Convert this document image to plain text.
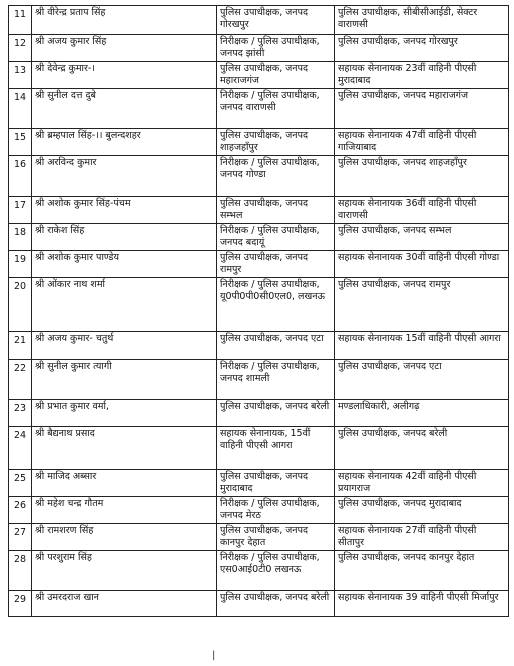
11	श्री वीरेन्द्र प्रताप सिंह	पुलिस उपाधीक्षक, जनपद गोरखपुर	पुलिस उपाधीक्षक, सीबीसीआईडी, सेक्टर वाराणसी
12	श्री अजय कुमार सिंह	निरीक्षक / पुलिस उपाधीक्षक, जनपद झांसी	पुलिस उपाधीक्षक, जनपद गोरखपुर
13	श्री देवेन्द्र कुमार-।	पुलिस उपाधीक्षक, जनपद महाराजगंज	सहायक सेनानायक 23वीं वाहिनी पीएसी मुरादाबाद
14	श्री सुनील दत्त दुबे	निरीक्षक / पुलिस उपाधीक्षक, जनपद वाराणसी	पुलिस उपाधीक्षक, जनपद महाराजगंज
15	श्री ब्रम्हपाल सिंह-।। बुलन्दशहर	पुलिस उपाधीक्षक, जनपद शाहजहाँपुर	सहायक सेनानायक 47वीं वाहिनी पीएसी गाजियाबाद
16	श्री अरविन्द कुमार	निरीक्षक / पुलिस उपाधीक्षक, जनपद गोण्डा	पुलिस उपाधीक्षक, जनपद शाहजहाँपुर
17	श्री अशोक कुमार सिंह-पंचम	पुलिस उपाधीक्षक, जनपद सम्भल	सहायक सेनानायक 36वीं वाहिनी पीएसी वाराणसी
18	श्री राकेश सिंह	निरीक्षक / पुलिस उपाधीक्षक, जनपद बदायूं	पुलिस उपाधीक्षक, जनपद सम्भल
19	श्री अशोक कुमार पाण्डेय	पुलिस उपाधीक्षक, जनपद रामपुर	सहायक सेनानायक 30वीं वाहिनी पीएसी गोण्डा
20	श्री ओंकार नाथ शर्मा	निरीक्षक / पुलिस उपाधीक्षक, यू0पी0पी0सी0एल0, लखनऊ	पुलिस उपाधीक्षक, जनपद रामपुर
21	श्री अजय कुमार- चतुर्थ	पुलिस उपाधीक्षक, जनपद एटा	सहायक सेनानायक 15वीं वाहिनी पीएसी आगरा
22	श्री सुनील कुमार त्यागी	निरीक्षक / पुलिस उपाधीक्षक, जनपद शामली	पुलिस उपाधीक्षक, जनपद एटा
23	श्री प्रभात कुमार वर्मा,	पुलिस उपाधीक्षक, जनपद बरेली	मण्डलाधिकारी, अलीगढ़
24	श्री बैद्यनाथ प्रसाद	सहायक सेनानायक, 15वीं वाहिनी पीएसी आगरा	पुलिस उपाधीक्षक, जनपद बरेली
25	श्री माजिद अब्सार	पुलिस उपाधीक्षक, जनपद मुरादाबाद	सहायक सेनानायक 42वीं वाहिनी पीएसी प्रयागराज
26	श्री महेश चन्द्र गौतम	निरीक्षक / पुलिस उपाधीक्षक, जनपद मेरठ	पुलिस उपाधीक्षक, जनपद मुरादाबाद
27	श्री रामशरण सिंह	पुलिस उपाधीक्षक, जनपद कानपुर देहात	सहायक सेनानायक 27वीं वाहिनी पीएसी सीतापुर
28	श्री परशुराम सिंह	निरीक्षक / पुलिस उपाधीक्षक, एस0आई0टी0 लखनऊ	पुलिस उपाधीक्षक, जनपद कानपुर देहात
29	श्री उमरदराज खान	पुलिस उपाधीक्षक, जनपद बरेली	सहायक सेनानायक 39 वाहिनी पीएसी मिर्जापुर
|
